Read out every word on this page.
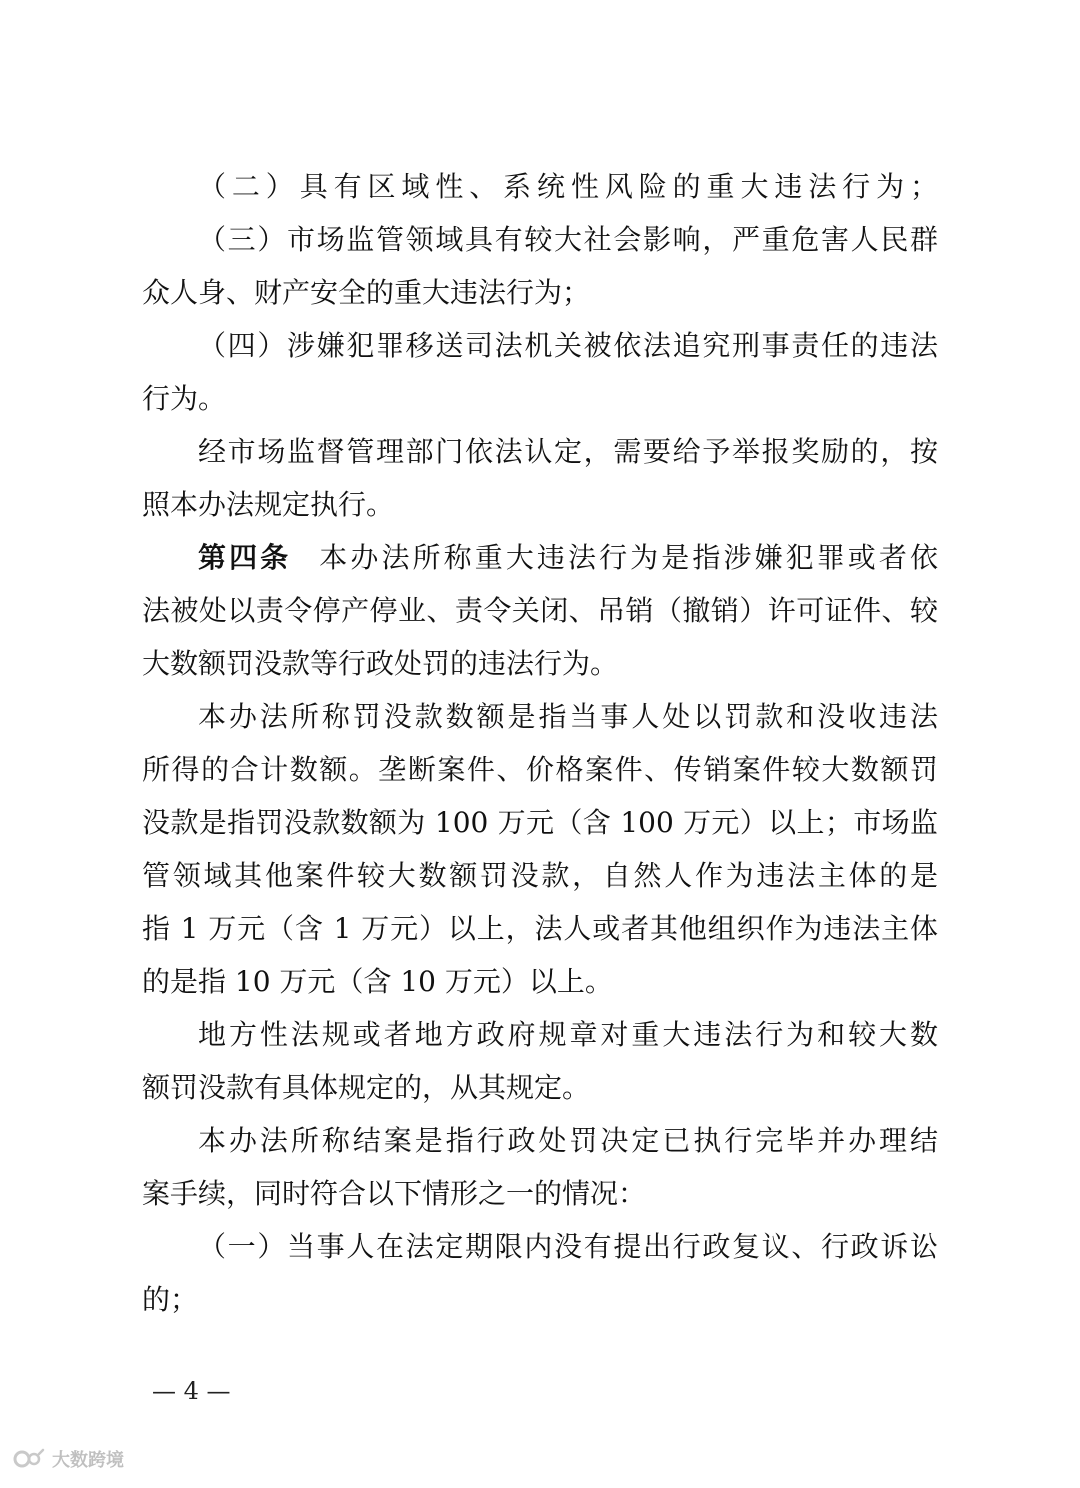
（二）具有区域性、系统性风险的重大违法行为；
（三）市场监管领域具有较大社会影响，严重危害人民群
众人身、财产安全的重大违法行为；
（四）涉嫌犯罪移送司法机关被依法追究刑事责任的违法
行为。
经市场监督管理部门依法认定，需要给予举报奖励的，按
照本办法规定执行。
第四条 本办法所称重大违法行为是指涉嫌犯罪或者依
法被处以责令停产停业、责令关闭、吊销（撤销）许可证件、较
大数额罚没款等行政处罚的违法行为。
本办法所称罚没款数额是指当事人处以罚款和没收违法
所得的合计数额。垄断案件、价格案件、传销案件较大数额罚
没款是指罚没款数额为 100 万元（含 100 万元）以上；市场监
管领域其他案件较大数额罚没款，自然人作为违法主体的是
指 1 万元（含 1 万元）以上，法人或者其他组织作为违法主体
的是指 10 万元（含 10 万元）以上。
地方性法规或者地方政府规章对重大违法行为和较大数
额罚没款有具体规定的，从其规定。
本办法所称结案是指行政处罚决定已执行完毕并办理结
案手续，同时符合以下情形之一的情况：
（一）当事人在法定期限内没有提出行政复议、行政诉讼
的；
— 4 —
大数跨境
